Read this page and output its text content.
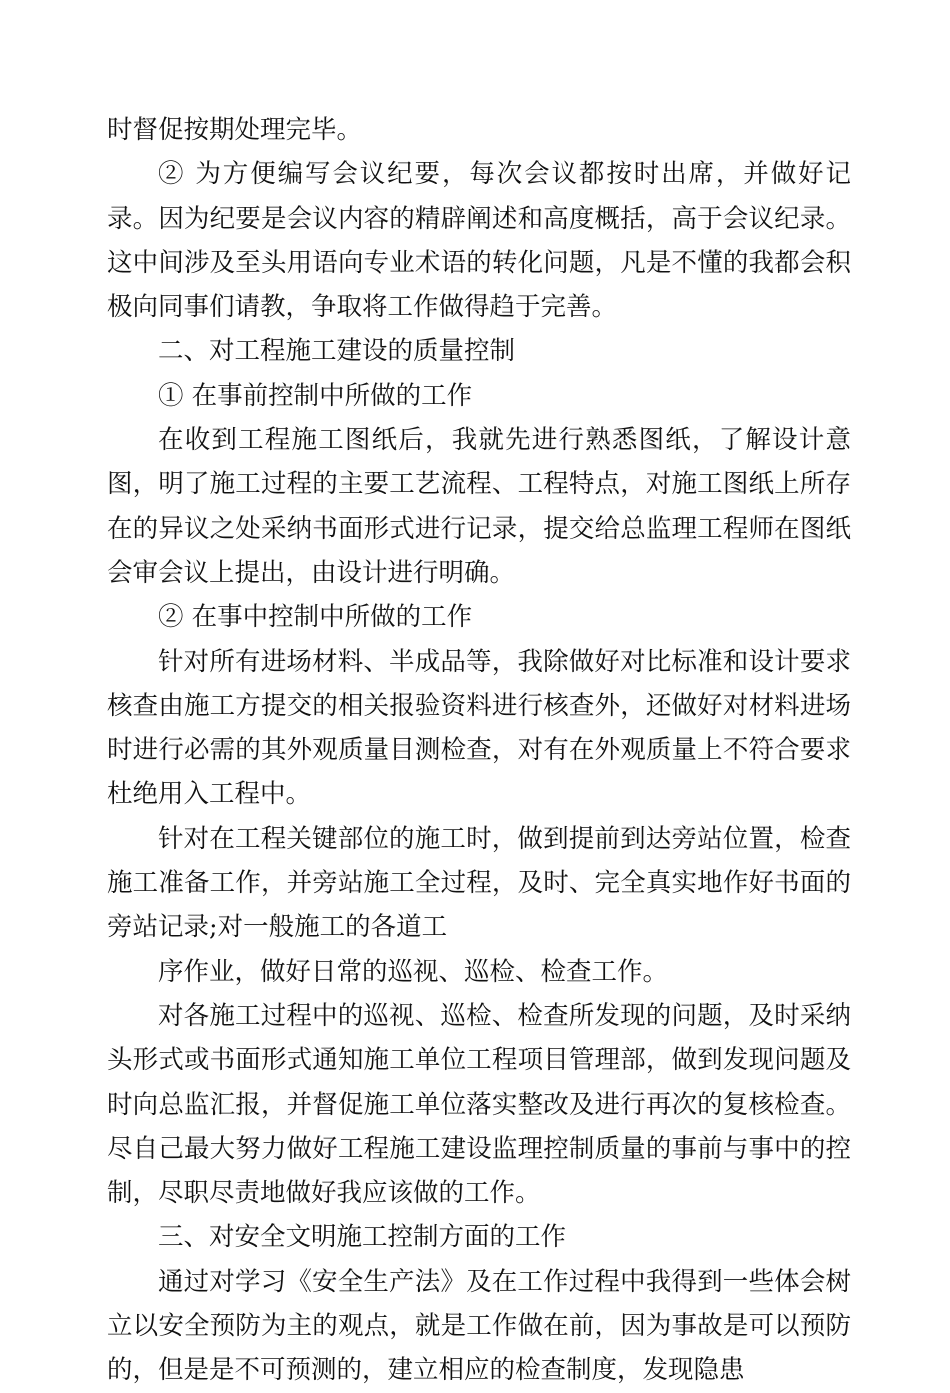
时督促按期处理完毕。

② 为方便编写会议纪要，每次会议都按时出席，并做好记录。因为纪要是会议内容的精辟阐述和高度概括，高于会议纪录。这中间涉及至头用语向专业术语的转化问题，凡是不懂的我都会积极向同事们请教，争取将工作做得趋于完善。

二、对工程施工建设的质量控制

① 在事前控制中所做的工作

在收到工程施工图纸后，我就先进行熟悉图纸，了解设计意图，明了施工过程的主要工艺流程、工程特点，对施工图纸上所存在的异议之处采纳书面形式进行记录，提交给总监理工程师在图纸会审会议上提出，由设计进行明确。

② 在事中控制中所做的工作

针对所有进场材料、半成品等，我除做好对比标准和设计要求核查由施工方提交的相关报验资料进行核查外，还做好对材料进场时进行必需的其外观质量目测检查，对有在外观质量上不符合要求杜绝用入工程中。

针对在工程关键部位的施工时，做到提前到达旁站位置，检查施工准备工作，并旁站施工全过程，及时、完全真实地作好书面的旁站记录;对一般施工的各道工

序作业，做好日常的巡视、巡检、检查工作。

对各施工过程中的巡视、巡检、检查所发现的问题，及时采纳头形式或书面形式通知施工单位工程项目管理部，做到发现问题及时向总监汇报，并督促施工单位落实整改及进行再次的复核检查。尽自己最大努力做好工程施工建设监理控制质量的事前与事中的控制，尽职尽责地做好我应该做的工作。

三、对安全文明施工控制方面的工作

通过对学习《安全生产法》及在工作过程中我得到一些体会树立以安全预防为主的观点，就是工作做在前，因为事故是可以预防的，但是是不可预测的，建立相应的检查制度，发现隐患
